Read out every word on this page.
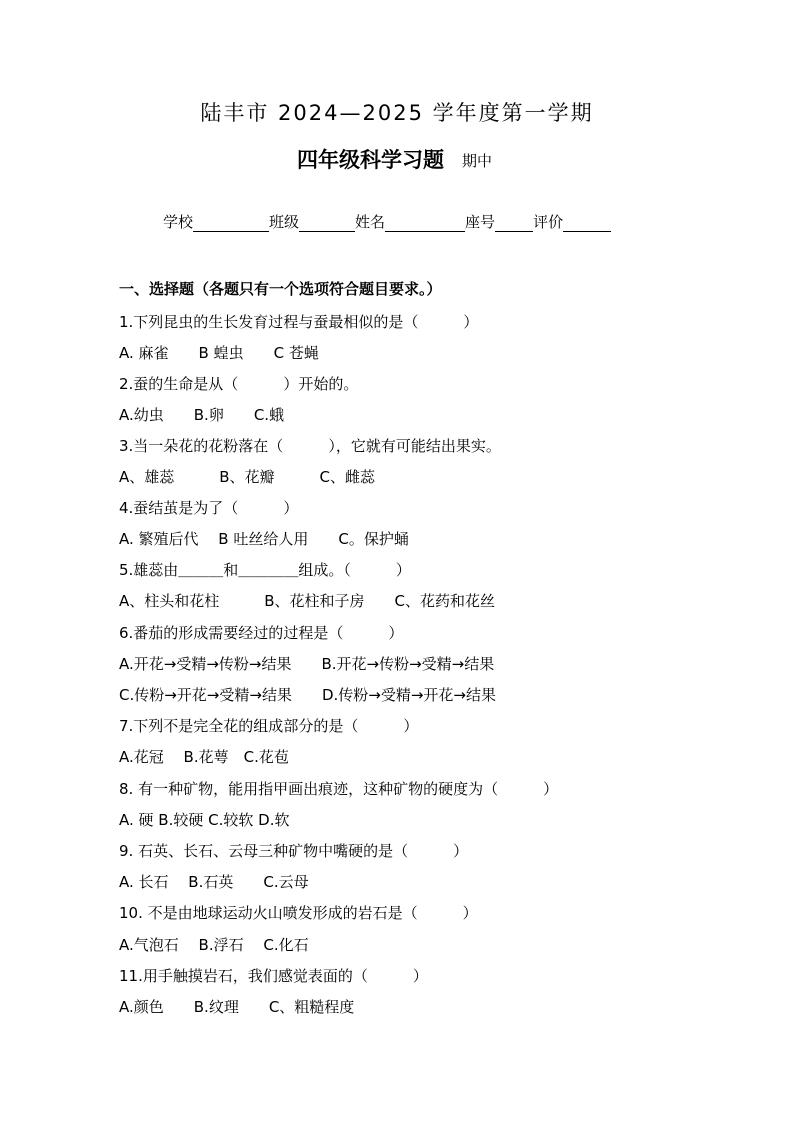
陆丰市 2024—2025 学年度第一学期
四年级科学习题 期中
学校	班级	姓名	座号	评价
一、选择题（各题只有一个选项符合题目要求。）
1.下列昆虫的生长发育过程与蚕最相似的是（　　　）
A. 麻雀　　B 蝗虫　　C 苍蝇
2.蚕的生命是从（　　　）开始的。
A.幼虫　　B.卵　　C.蛾
3.当一朵花的花粉落在（　　　），它就有可能结出果实。
A、雄蕊　　　B、花瓣　　　C、雌蕊
4.蚕结茧是为了（　　　）
A. 繁殖后代　 B 吐丝给人用　　C。保护蛹
5.雄蕊由＿＿＿和＿＿＿＿组成。（　　　）
A、柱头和花柱　　　B、花柱和子房　　C、花药和花丝
6.番茄的形成需要经过的过程是（　　　）
A.开花→受精→传粉→结果　　B.开花→传粉→受精→结果
C.传粉→开花→受精→结果　　D.传粉→受精→开花→结果
7.下列不是完全花的组成部分的是（　　　）
A.花冠　 B.花萼　C.花苞
8. 有一种矿物，能用指甲画出痕迹，这种矿物的硬度为（　　　）
A. 硬 B.较硬 C.较软 D.软
9. 石英、长石、云母三种矿物中嘴硬的是（　　　）
A. 长石　 B.石英　　C.云母
10. 不是由地球运动火山喷发形成的岩石是（　　　）
A.气泡石　 B.浮石　 C.化石
11.用手触摸岩石，我们感觉表面的（　　　）
A.颜色　　B.纹理　　C、粗糙程度
